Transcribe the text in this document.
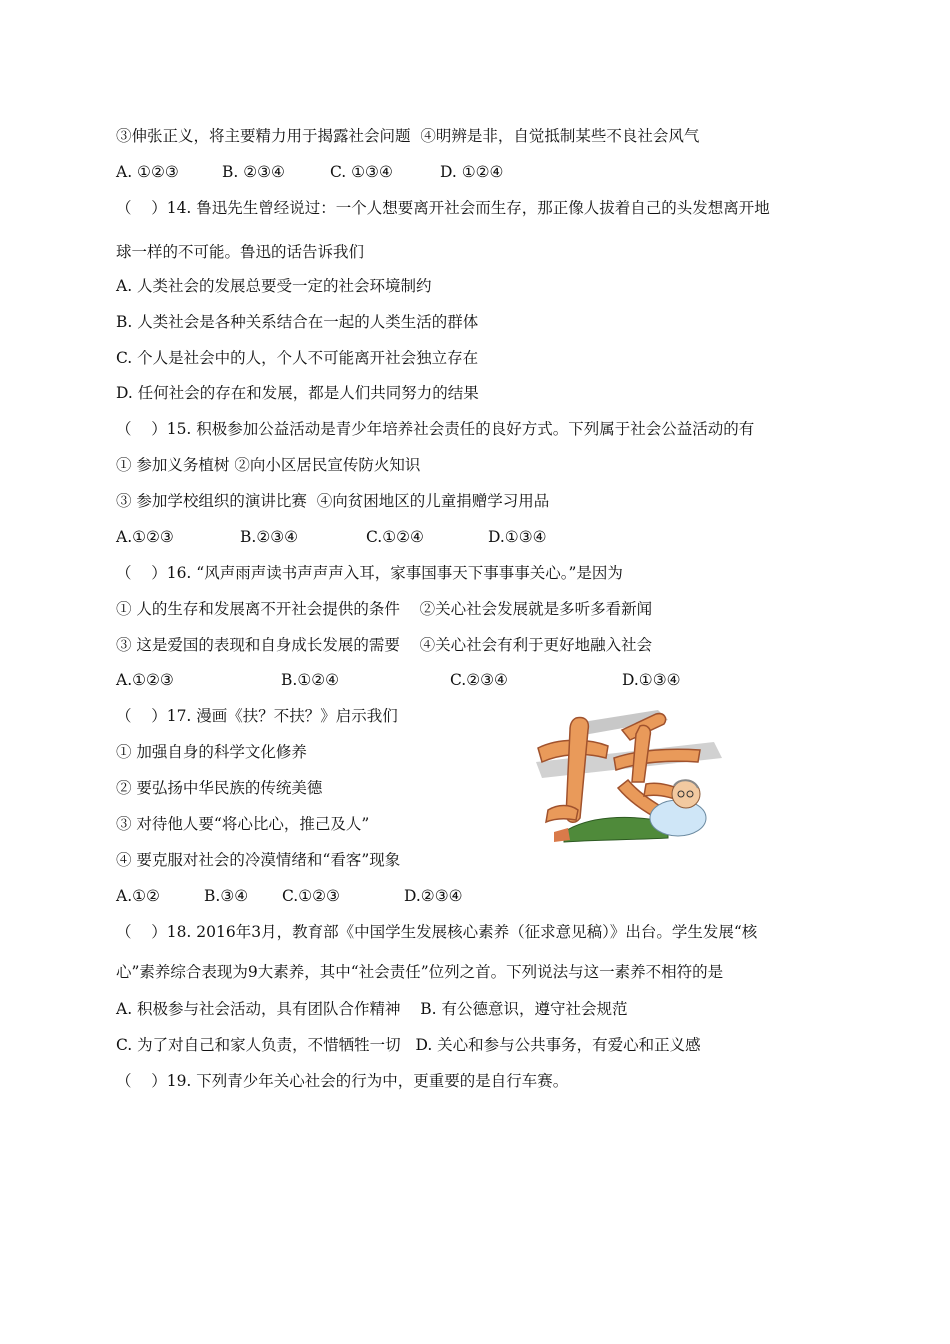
③伸张正义，将主要精力用于揭露社会问题  ④明辨是非，自觉抵制某些不良社会风气
A. ①②③	B. ②③④	C. ①③④	D. ①②④
（    ）14. 鲁迅先生曾经说过：一个人想要离开社会而生存，那正像人拔着自己的头发想离开地
球一样的不可能。鲁迅的话告诉我们
A. 人类社会的发展总要受一定的社会环境制约
B. 人类社会是各种关系结合在一起的人类生活的群体
C. 个人是社会中的人，个人不可能离开社会独立存在
D. 任何社会的存在和发展，都是人们共同努力的结果
（    ）15. 积极参加公益活动是青少年培养社会责任的良好方式。下列属于社会公益活动的有
① 参加义务植树 ②向小区居民宣传防火知识
③ 参加学校组织的演讲比赛  ④向贫困地区的儿童捐赠学习用品
A.①②③	B.②③④	C.①②④	D.①③④
（    ）16. “风声雨声读书声声声入耳，家事国事天下事事事关心。”是因为
① 人的生存和发展离不开社会提供的条件    ②关心社会发展就是多听多看新闻
③ 这是爱国的表现和自身成长发展的需要    ④关心社会有利于更好地融入社会
A.①②③	B.①②④	C.②③④	D.①③④
（    ）17. 漫画《扶？不扶？》启示我们
① 加强自身的科学文化修养
② 要弘扬中华民族的传统美德
③ 对待他人要“将心比心，推己及人”
④ 要克服对社会的冷漠情绪和“看客”现象
A.①②	B.③④ C.①②③	D.②③④
（    ）18. 2016年3月，教育部《中国学生发展核心素养（征求意见稿）》出台。学生发展“核
心”素养综合表现为9大素养，其中“社会责任”位列之首。下列说法与这一素养不相符的是
A. 积极参与社会活动，具有团队合作精神    B. 有公德意识，遵守社会规范
C. 为了对自己和家人负责，不惜牺牲一切   D. 关心和参与公共事务，有爱心和正义感
（    ）19. 下列青少年关心社会的行为中，更重要的是自行车赛。
